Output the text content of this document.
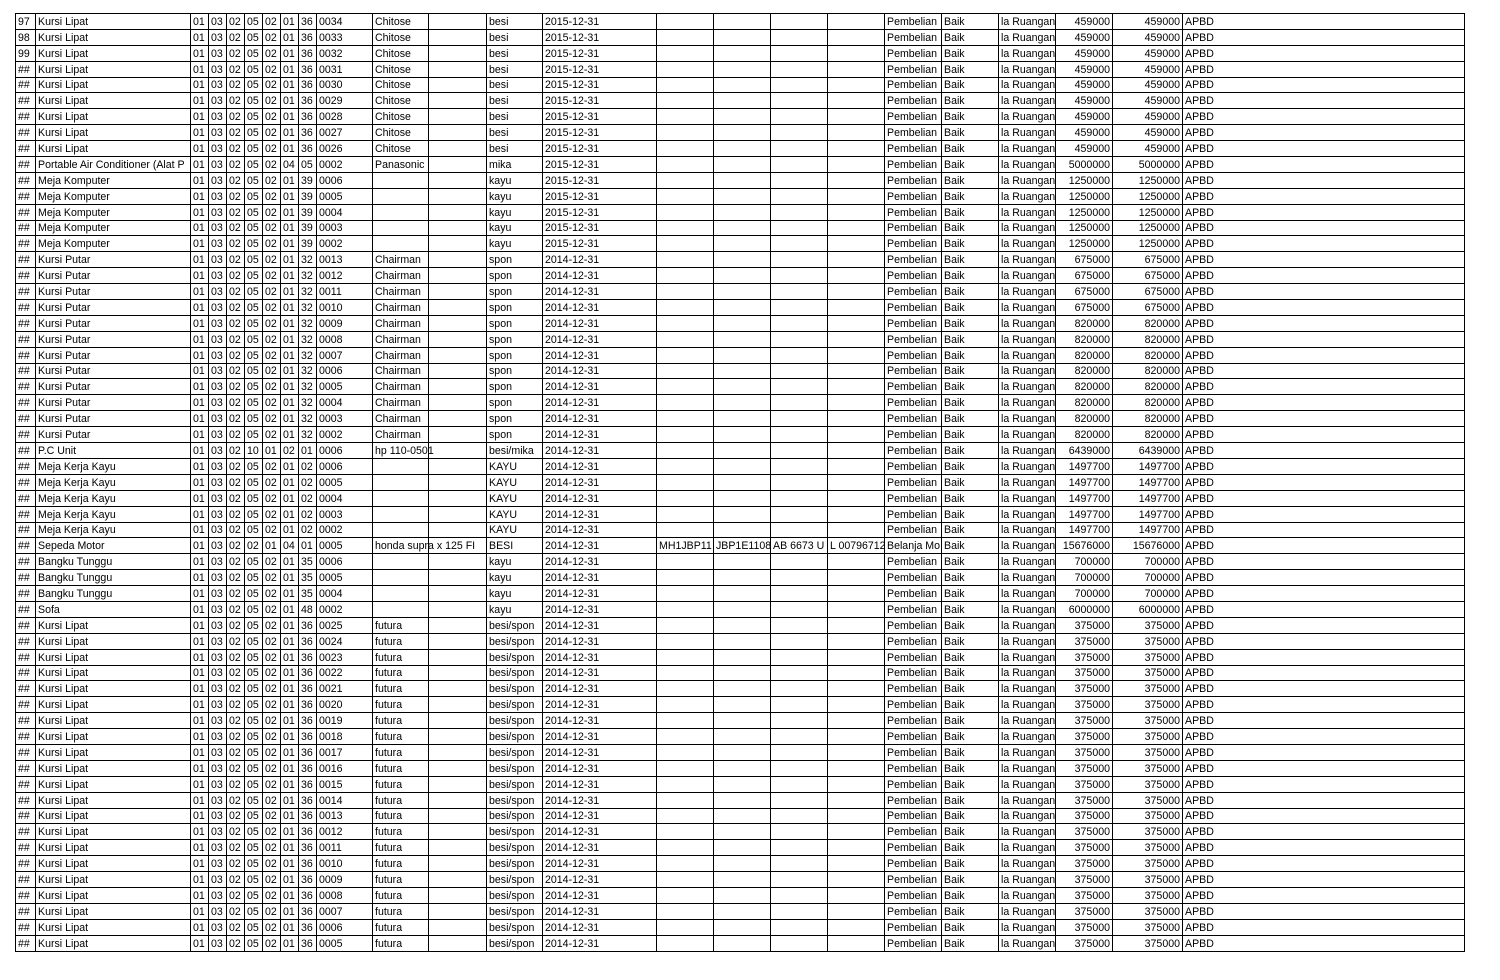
97	Kursi Lipat	01	03	02	05	02	01	36	0034	Chitose		besi	2015-12-31					Pembelian	Baik	la Ruangan	459000	459000	APBD
98	Kursi Lipat	01	03	02	05	02	01	36	0033	Chitose		besi	2015-12-31					Pembelian	Baik	la Ruangan	459000	459000	APBD
99	Kursi Lipat	01	03	02	05	02	01	36	0032	Chitose		besi	2015-12-31					Pembelian	Baik	la Ruangan	459000	459000	APBD
##	Kursi Lipat	01	03	02	05	02	01	36	0031	Chitose		besi	2015-12-31					Pembelian	Baik	la Ruangan	459000	459000	APBD
##	Kursi Lipat	01	03	02	05	02	01	36	0030	Chitose		besi	2015-12-31					Pembelian	Baik	la Ruangan	459000	459000	APBD
##	Kursi Lipat	01	03	02	05	02	01	36	0029	Chitose		besi	2015-12-31					Pembelian	Baik	la Ruangan	459000	459000	APBD
##	Kursi Lipat	01	03	02	05	02	01	36	0028	Chitose		besi	2015-12-31					Pembelian	Baik	la Ruangan	459000	459000	APBD
##	Kursi Lipat	01	03	02	05	02	01	36	0027	Chitose		besi	2015-12-31					Pembelian	Baik	la Ruangan	459000	459000	APBD
##	Kursi Lipat	01	03	02	05	02	01	36	0026	Chitose		besi	2015-12-31					Pembelian	Baik	la Ruangan	459000	459000	APBD
##	Portable Air Conditioner (Alat P	01	03	02	05	02	04	05	0002	Panasonic		mika	2015-12-31					Pembelian	Baik	la Ruangan	5000000	5000000	APBD
##	Meja Komputer	01	03	02	05	02	01	39	0006			kayu	2015-12-31					Pembelian	Baik	la Ruangan	1250000	1250000	APBD
##	Meja Komputer	01	03	02	05	02	01	39	0005			kayu	2015-12-31					Pembelian	Baik	la Ruangan	1250000	1250000	APBD
##	Meja Komputer	01	03	02	05	02	01	39	0004			kayu	2015-12-31					Pembelian	Baik	la Ruangan	1250000	1250000	APBD
##	Meja Komputer	01	03	02	05	02	01	39	0003			kayu	2015-12-31					Pembelian	Baik	la Ruangan	1250000	1250000	APBD
##	Meja Komputer	01	03	02	05	02	01	39	0002			kayu	2015-12-31					Pembelian	Baik	la Ruangan	1250000	1250000	APBD
##	Kursi Putar	01	03	02	05	02	01	32	0013	Chairman		spon	2014-12-31					Pembelian	Baik	la Ruangan	675000	675000	APBD
##	Kursi Putar	01	03	02	05	02	01	32	0012	Chairman		spon	2014-12-31					Pembelian	Baik	la Ruangan	675000	675000	APBD
##	Kursi Putar	01	03	02	05	02	01	32	0011	Chairman		spon	2014-12-31					Pembelian	Baik	la Ruangan	675000	675000	APBD
##	Kursi Putar	01	03	02	05	02	01	32	0010	Chairman		spon	2014-12-31					Pembelian	Baik	la Ruangan	675000	675000	APBD
##	Kursi Putar	01	03	02	05	02	01	32	0009	Chairman		spon	2014-12-31					Pembelian	Baik	la Ruangan	820000	820000	APBD
##	Kursi Putar	01	03	02	05	02	01	32	0008	Chairman		spon	2014-12-31					Pembelian	Baik	la Ruangan	820000	820000	APBD
##	Kursi Putar	01	03	02	05	02	01	32	0007	Chairman		spon	2014-12-31					Pembelian	Baik	la Ruangan	820000	820000	APBD
##	Kursi Putar	01	03	02	05	02	01	32	0006	Chairman		spon	2014-12-31					Pembelian	Baik	la Ruangan	820000	820000	APBD
##	Kursi Putar	01	03	02	05	02	01	32	0005	Chairman		spon	2014-12-31					Pembelian	Baik	la Ruangan	820000	820000	APBD
##	Kursi Putar	01	03	02	05	02	01	32	0004	Chairman		spon	2014-12-31					Pembelian	Baik	la Ruangan	820000	820000	APBD
##	Kursi Putar	01	03	02	05	02	01	32	0003	Chairman		spon	2014-12-31					Pembelian	Baik	la Ruangan	820000	820000	APBD
##	Kursi Putar	01	03	02	05	02	01	32	0002	Chairman		spon	2014-12-31					Pembelian	Baik	la Ruangan	820000	820000	APBD
##	P.C Unit	01	03	02	10	01	02	01	0006	hp 110-0501		besi/mika	2014-12-31					Pembelian	Baik	la Ruangan	6439000	6439000	APBD
##	Meja Kerja Kayu	01	03	02	05	02	01	02	0006			KAYU	2014-12-31					Pembelian	Baik	la Ruangan	1497700	1497700	APBD
##	Meja Kerja Kayu	01	03	02	05	02	01	02	0005			KAYU	2014-12-31					Pembelian	Baik	la Ruangan	1497700	1497700	APBD
##	Meja Kerja Kayu	01	03	02	05	02	01	02	0004			KAYU	2014-12-31					Pembelian	Baik	la Ruangan	1497700	1497700	APBD
##	Meja Kerja Kayu	01	03	02	05	02	01	02	0003			KAYU	2014-12-31					Pembelian	Baik	la Ruangan	1497700	1497700	APBD
##	Meja Kerja Kayu	01	03	02	05	02	01	02	0002			KAYU	2014-12-31					Pembelian	Baik	la Ruangan	1497700	1497700	APBD
##	Sepeda Motor	01	03	02	02	01	04	01	0005	honda supra x 125 FI		BESI	2014-12-31	MH1JBP11	JBP1E1108	AB 6673 U	L 00796712	Belanja Mo	Baik	la Ruangan	15676000	15676000	APBD
##	Bangku Tunggu	01	03	02	05	02	01	35	0006			kayu	2014-12-31					Pembelian	Baik	la Ruangan	700000	700000	APBD
##	Bangku Tunggu	01	03	02	05	02	01	35	0005			kayu	2014-12-31					Pembelian	Baik	la Ruangan	700000	700000	APBD
##	Bangku Tunggu	01	03	02	05	02	01	35	0004			kayu	2014-12-31					Pembelian	Baik	la Ruangan	700000	700000	APBD
##	Sofa	01	03	02	05	02	01	48	0002			kayu	2014-12-31					Pembelian	Baik	la Ruangan	6000000	6000000	APBD
##	Kursi Lipat	01	03	02	05	02	01	36	0025	futura		besi/spon	2014-12-31					Pembelian	Baik	la Ruangan	375000	375000	APBD
##	Kursi Lipat	01	03	02	05	02	01	36	0024	futura		besi/spon	2014-12-31					Pembelian	Baik	la Ruangan	375000	375000	APBD
##	Kursi Lipat	01	03	02	05	02	01	36	0023	futura		besi/spon	2014-12-31					Pembelian	Baik	la Ruangan	375000	375000	APBD
##	Kursi Lipat	01	03	02	05	02	01	36	0022	futura		besi/spon	2014-12-31					Pembelian	Baik	la Ruangan	375000	375000	APBD
##	Kursi Lipat	01	03	02	05	02	01	36	0021	futura		besi/spon	2014-12-31					Pembelian	Baik	la Ruangan	375000	375000	APBD
##	Kursi Lipat	01	03	02	05	02	01	36	0020	futura		besi/spon	2014-12-31					Pembelian	Baik	la Ruangan	375000	375000	APBD
##	Kursi Lipat	01	03	02	05	02	01	36	0019	futura		besi/spon	2014-12-31					Pembelian	Baik	la Ruangan	375000	375000	APBD
##	Kursi Lipat	01	03	02	05	02	01	36	0018	futura		besi/spon	2014-12-31					Pembelian	Baik	la Ruangan	375000	375000	APBD
##	Kursi Lipat	01	03	02	05	02	01	36	0017	futura		besi/spon	2014-12-31					Pembelian	Baik	la Ruangan	375000	375000	APBD
##	Kursi Lipat	01	03	02	05	02	01	36	0016	futura		besi/spon	2014-12-31					Pembelian	Baik	la Ruangan	375000	375000	APBD
##	Kursi Lipat	01	03	02	05	02	01	36	0015	futura		besi/spon	2014-12-31					Pembelian	Baik	la Ruangan	375000	375000	APBD
##	Kursi Lipat	01	03	02	05	02	01	36	0014	futura		besi/spon	2014-12-31					Pembelian	Baik	la Ruangan	375000	375000	APBD
##	Kursi Lipat	01	03	02	05	02	01	36	0013	futura		besi/spon	2014-12-31					Pembelian	Baik	la Ruangan	375000	375000	APBD
##	Kursi Lipat	01	03	02	05	02	01	36	0012	futura		besi/spon	2014-12-31					Pembelian	Baik	la Ruangan	375000	375000	APBD
##	Kursi Lipat	01	03	02	05	02	01	36	0011	futura		besi/spon	2014-12-31					Pembelian	Baik	la Ruangan	375000	375000	APBD
##	Kursi Lipat	01	03	02	05	02	01	36	0010	futura		besi/spon	2014-12-31					Pembelian	Baik	la Ruangan	375000	375000	APBD
##	Kursi Lipat	01	03	02	05	02	01	36	0009	futura		besi/spon	2014-12-31					Pembelian	Baik	la Ruangan	375000	375000	APBD
##	Kursi Lipat	01	03	02	05	02	01	36	0008	futura		besi/spon	2014-12-31					Pembelian	Baik	la Ruangan	375000	375000	APBD
##	Kursi Lipat	01	03	02	05	02	01	36	0007	futura		besi/spon	2014-12-31					Pembelian	Baik	la Ruangan	375000	375000	APBD
##	Kursi Lipat	01	03	02	05	02	01	36	0006	futura		besi/spon	2014-12-31					Pembelian	Baik	la Ruangan	375000	375000	APBD
##	Kursi Lipat	01	03	02	05	02	01	36	0005	futura		besi/spon	2014-12-31					Pembelian	Baik	la Ruangan	375000	375000	APBD
